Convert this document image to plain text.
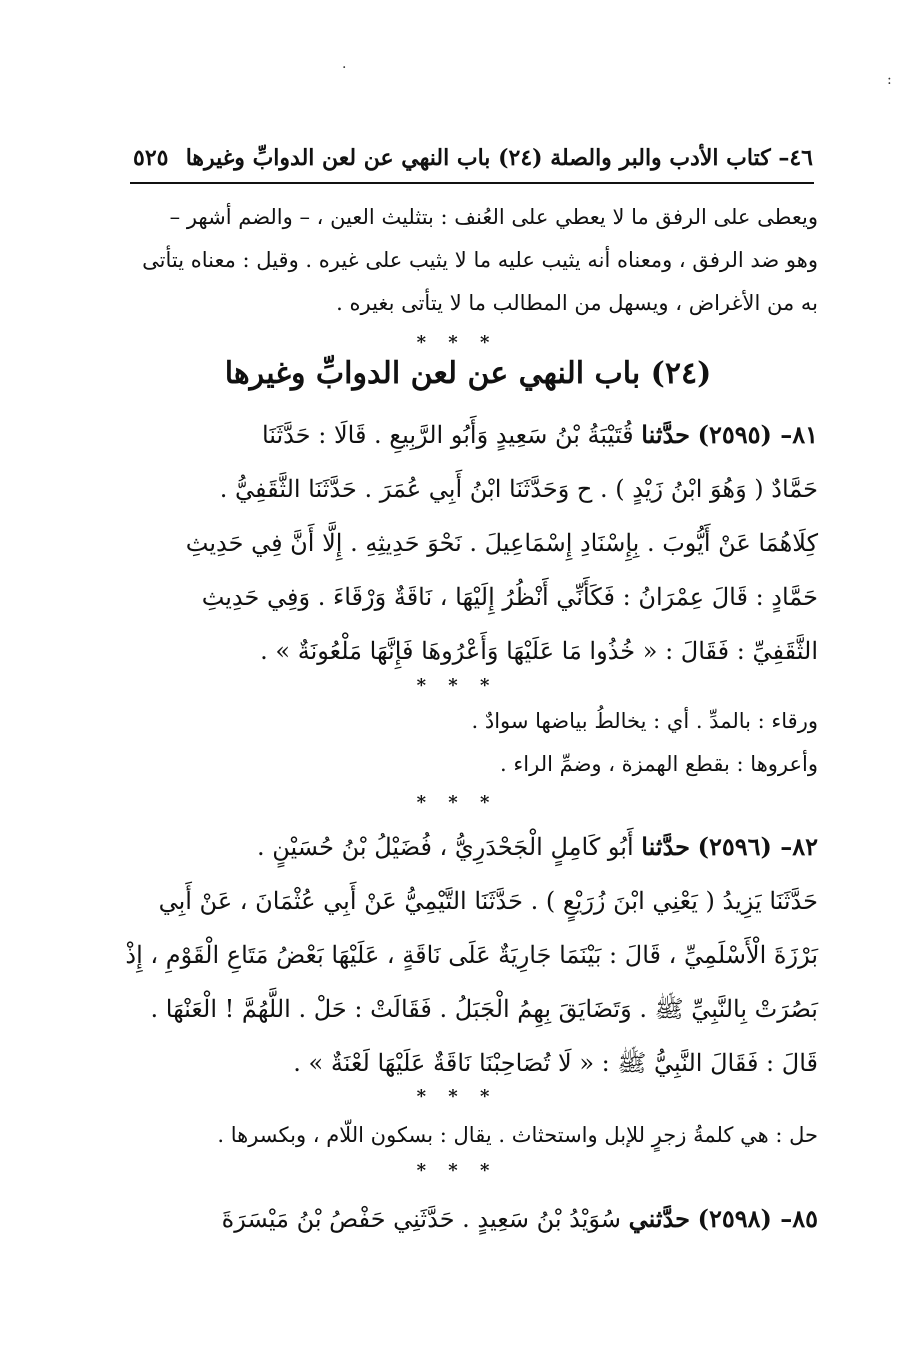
·
:
٤٦– كتاب الأدب والبر والصلة (٢٤) باب النهي عن لعن الدوابِّ وغيرها
٥٢٥
ويعطى على الرفق ما لا يعطي على العُنف : بتثليث العين ، – والضم أشهر –
وهو ضد الرفق ، ومعناه أنه يثيب عليه ما لا يثيب على غيره . وقيل : معناه يتأتى
به من الأغراض ، ويسهل من المطالب ما لا يتأتى بغيره .
* * *
(٢٤) باب النهي عن لعن الدوابِّ وغيرها
٨١– (٢٥٩٥) حدَّثنا قُتَيْبَةُ بْنُ سَعِيدٍ وَأَبُو الرَّبِيعِ . قَالَا : حَدَّثَنَا
حَمَّادٌ ( وَهُوَ ابْنُ زَيْدٍ ) . ح وَحَدَّثَنَا ابْنُ أَبِي عُمَرَ . حَدَّثَنَا الثَّقَفِيُّ .
كِلَاهُمَا عَنْ أَيُّوبَ . بِإِسْنَادِ إِسْمَاعِيلَ . نَحْوَ حَدِيثِهِ . إِلَّا أَنَّ فِي حَدِيثِ
حَمَّادٍ : قَالَ عِمْرَانُ : فَكَأَنِّي أَنْظُرُ إِلَيْهَا ، نَاقَةٌ وَرْقَاءَ . وَفِي حَدِيثِ
الثَّقَفِيِّ : فَقَالَ : « خُذُوا مَا عَلَيْهَا وَأَعْرُوهَا فَإِنَّهَا مَلْعُونَةٌ » .
* * *
ورقاء : بالمدِّ . أي : يخالطُ بياضها سوادٌ .
وأعروها : بقطع الهمزة ، وضمِّ الراء .
* * *
٨٢– (٢٥٩٦) حدَّثنا أَبُو كَامِلٍ الْجَحْدَرِيُّ ، فُضَيْلُ بْنُ حُسَيْنٍ .
حَدَّثَنَا يَزِيدُ ( يَعْنِي ابْنَ زُرَيْعٍ ) . حَدَّثَنَا التَّيْمِيُّ عَنْ أَبِي عُثْمَانَ ، عَنْ أَبِي
بَرْزَةَ الْأَسْلَمِيِّ ، قَالَ : بَيْنَمَا جَارِيَةٌ عَلَى نَاقَةٍ ، عَلَيْهَا بَعْضُ مَتَاعِ الْقَوْمِ ، إِذْ
بَصُرَتْ بِالنَّبِيِّ ﷺ . وَتَضَايَقَ بِهِمُ الْجَبَلُ . فَقَالَتْ : حَلْ . اللَّهُمَّ ! الْعَنْهَا .
قَالَ : فَقَالَ النَّبِيُّ ﷺ : « لَا تُصَاحِبْنَا نَاقَةٌ عَلَيْهَا لَعْنَةٌ » .
* * *
حل : هي كلمةُ زجرٍ للإبل واستحثاث . يقال : بسكون اللّام ، وبكسرها .
* * *
٨٥– (٢٥٩٨) حدَّثني سُوَيْدُ بْنُ سَعِيدٍ . حَدَّثَنِي حَفْصُ بْنُ مَيْسَرَةَ
